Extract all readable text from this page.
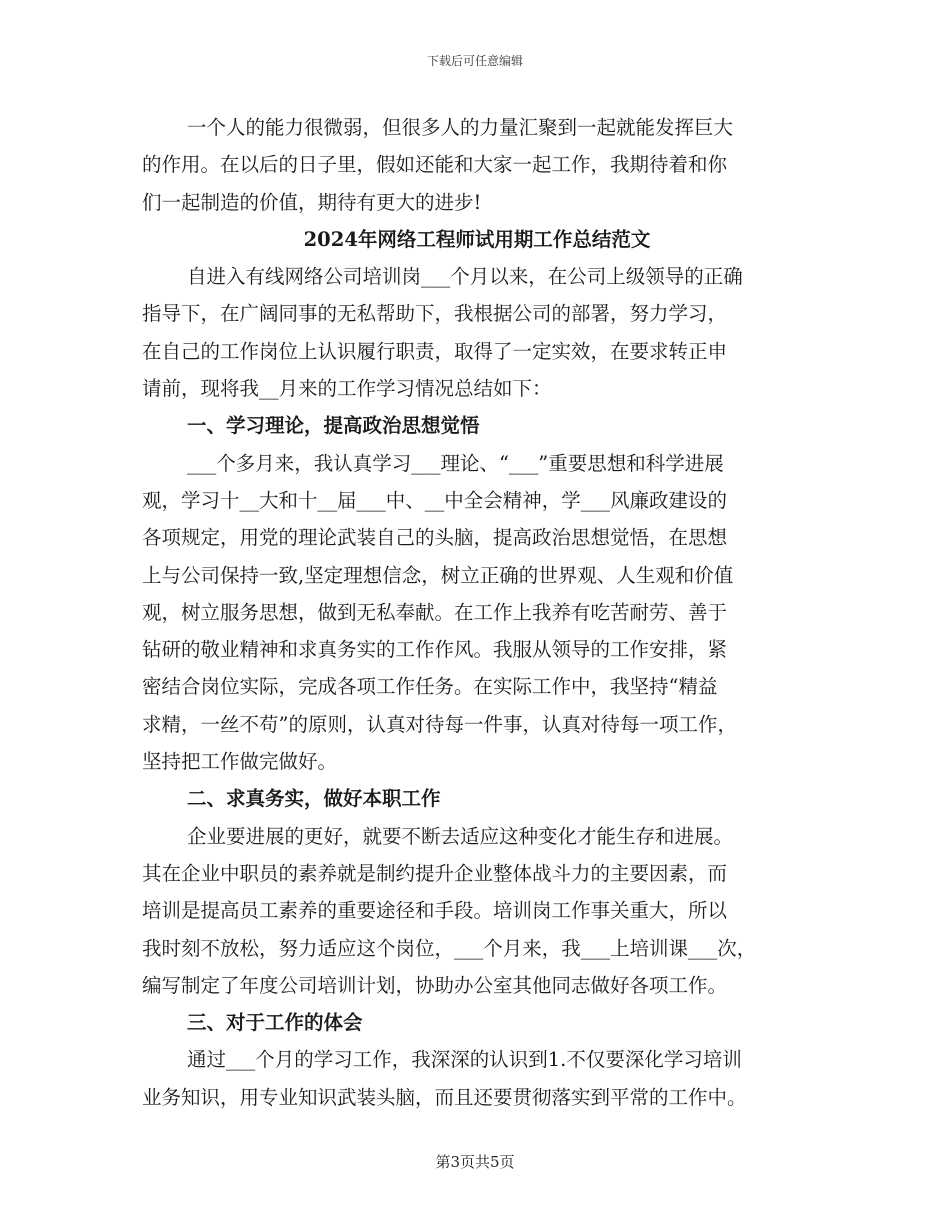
下载后可任意编辑
一个人的能力很微弱，但很多人的力量汇聚到一起就能发挥巨大
的作用。在以后的日子里，假如还能和大家一起工作，我期待着和你
们一起制造的价值，期待有更大的进步!
2024年网络工程师试用期工作总结范文
自进入有线网络公司培训岗___个月以来，在公司上级领导的正确
指导下，在广阔同事的无私帮助下，我根据公司的部署，努力学习，
在自己的工作岗位上认识履行职责，取得了一定实效，在要求转正申
请前，现将我__月来的工作学习情况总结如下：
一、学习理论，提高政治思想觉悟
___个多月来，我认真学习___理论、“___”重要思想和科学进展
观，学习十__大和十__届___中、__中全会精神，学___风廉政建设的
各项规定，用党的理论武装自己的头脑，提高政治思想觉悟，在思想
上与公司保持一致,坚定理想信念，树立正确的世界观、人生观和价值
观，树立服务思想，做到无私奉献。在工作上我养有吃苦耐劳、善于
钻研的敬业精神和求真务实的工作作风。我服从领导的工作安排，紧
密结合岗位实际，完成各项工作任务。在实际工作中，我坚持“精益
求精，一丝不苟”的原则，认真对待每一件事，认真对待每一项工作，
坚持把工作做完做好。
二、求真务实，做好本职工作
企业要进展的更好，就要不断去适应这种变化才能生存和进展。
其在企业中职员的素养就是制约提升企业整体战斗力的主要因素，而
培训是提高员工素养的重要途径和手段。培训岗工作事关重大，所以
我时刻不放松，努力适应这个岗位，___个月来，我___上培训课___次，
编写制定了年度公司培训计划，协助办公室其他同志做好各项工作。
三、对于工作的体会
通过___个月的学习工作，我深深的认识到1.不仅要深化学习培训
业务知识，用专业知识武装头脑，而且还要贯彻落实到平常的工作中。
第3页共5页
